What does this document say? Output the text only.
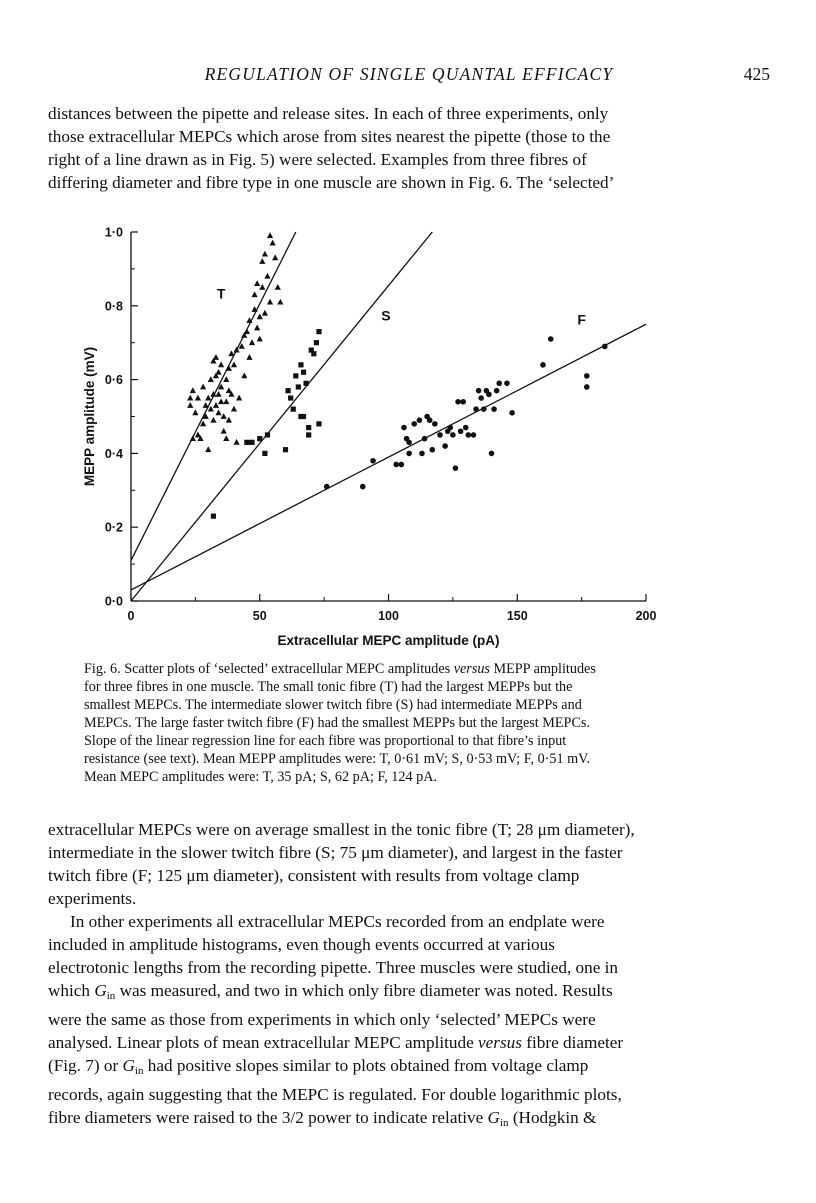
REGULATION OF SINGLE QUANTAL EFFICACY	425
distances between the pipette and release sites. In each of three experiments, only
those extracellular MEPCs which arose from sites nearest the pipette (those to the
right of a line drawn as in Fig. 5) were selected. Examples from three fibres of
differing diameter and fibre type in one muscle are shown in Fig. 6. The ‘selected’
0·0
0·2
0·4
0·6
0·8
1·0
0	50	100	150	200
Extracellular MEPC amplitude (pA)
MEPP amplitude (mV)
T
S	F
Fig. 6. Scatter plots of ‘selected’ extracellular MEPC amplitudes versus MEPP amplitudes
for three fibres in one muscle. The small tonic fibre (T) had the largest MEPPs but the
smallest MEPCs. The intermediate slower twitch fibre (S) had intermediate MEPPs and
MEPCs. The large faster twitch fibre (F) had the smallest MEPPs but the largest MEPCs.
Slope of the linear regression line for each fibre was proportional to that fibre’s input
resistance (see text). Mean MEPP amplitudes were: T, 0·61 mV; S, 0·53 mV; F, 0·51 mV.
Mean MEPC amplitudes were: T, 35 pA; S, 62 pA; F, 124 pA.
extracellular MEPCs were on average smallest in the tonic fibre (T; 28 μm diameter),
intermediate in the slower twitch fibre (S; 75 μm diameter), and largest in the faster
twitch fibre (F; 125 μm diameter), consistent with results from voltage clamp
experiments.
In other experiments all extracellular MEPCs recorded from an endplate were
included in amplitude histograms, even though events occurred at various
electrotonic lengths from the recording pipette. Three muscles were studied, one in
which $G_{in}$ was measured, and two in which only fibre diameter was noted. Results
were the same as those from experiments in which only ‘selected’ MEPCs were
analysed. Linear plots of mean extracellular MEPC amplitude versus fibre diameter
(Fig. 7) or $G_{in}$ had positive slopes similar to plots obtained from voltage clamp
records, again suggesting that the MEPC is regulated. For double logarithmic plots,
fibre diameters were raised to the 3/2 power to indicate relative $G_{in}$ (Hodgkin &
